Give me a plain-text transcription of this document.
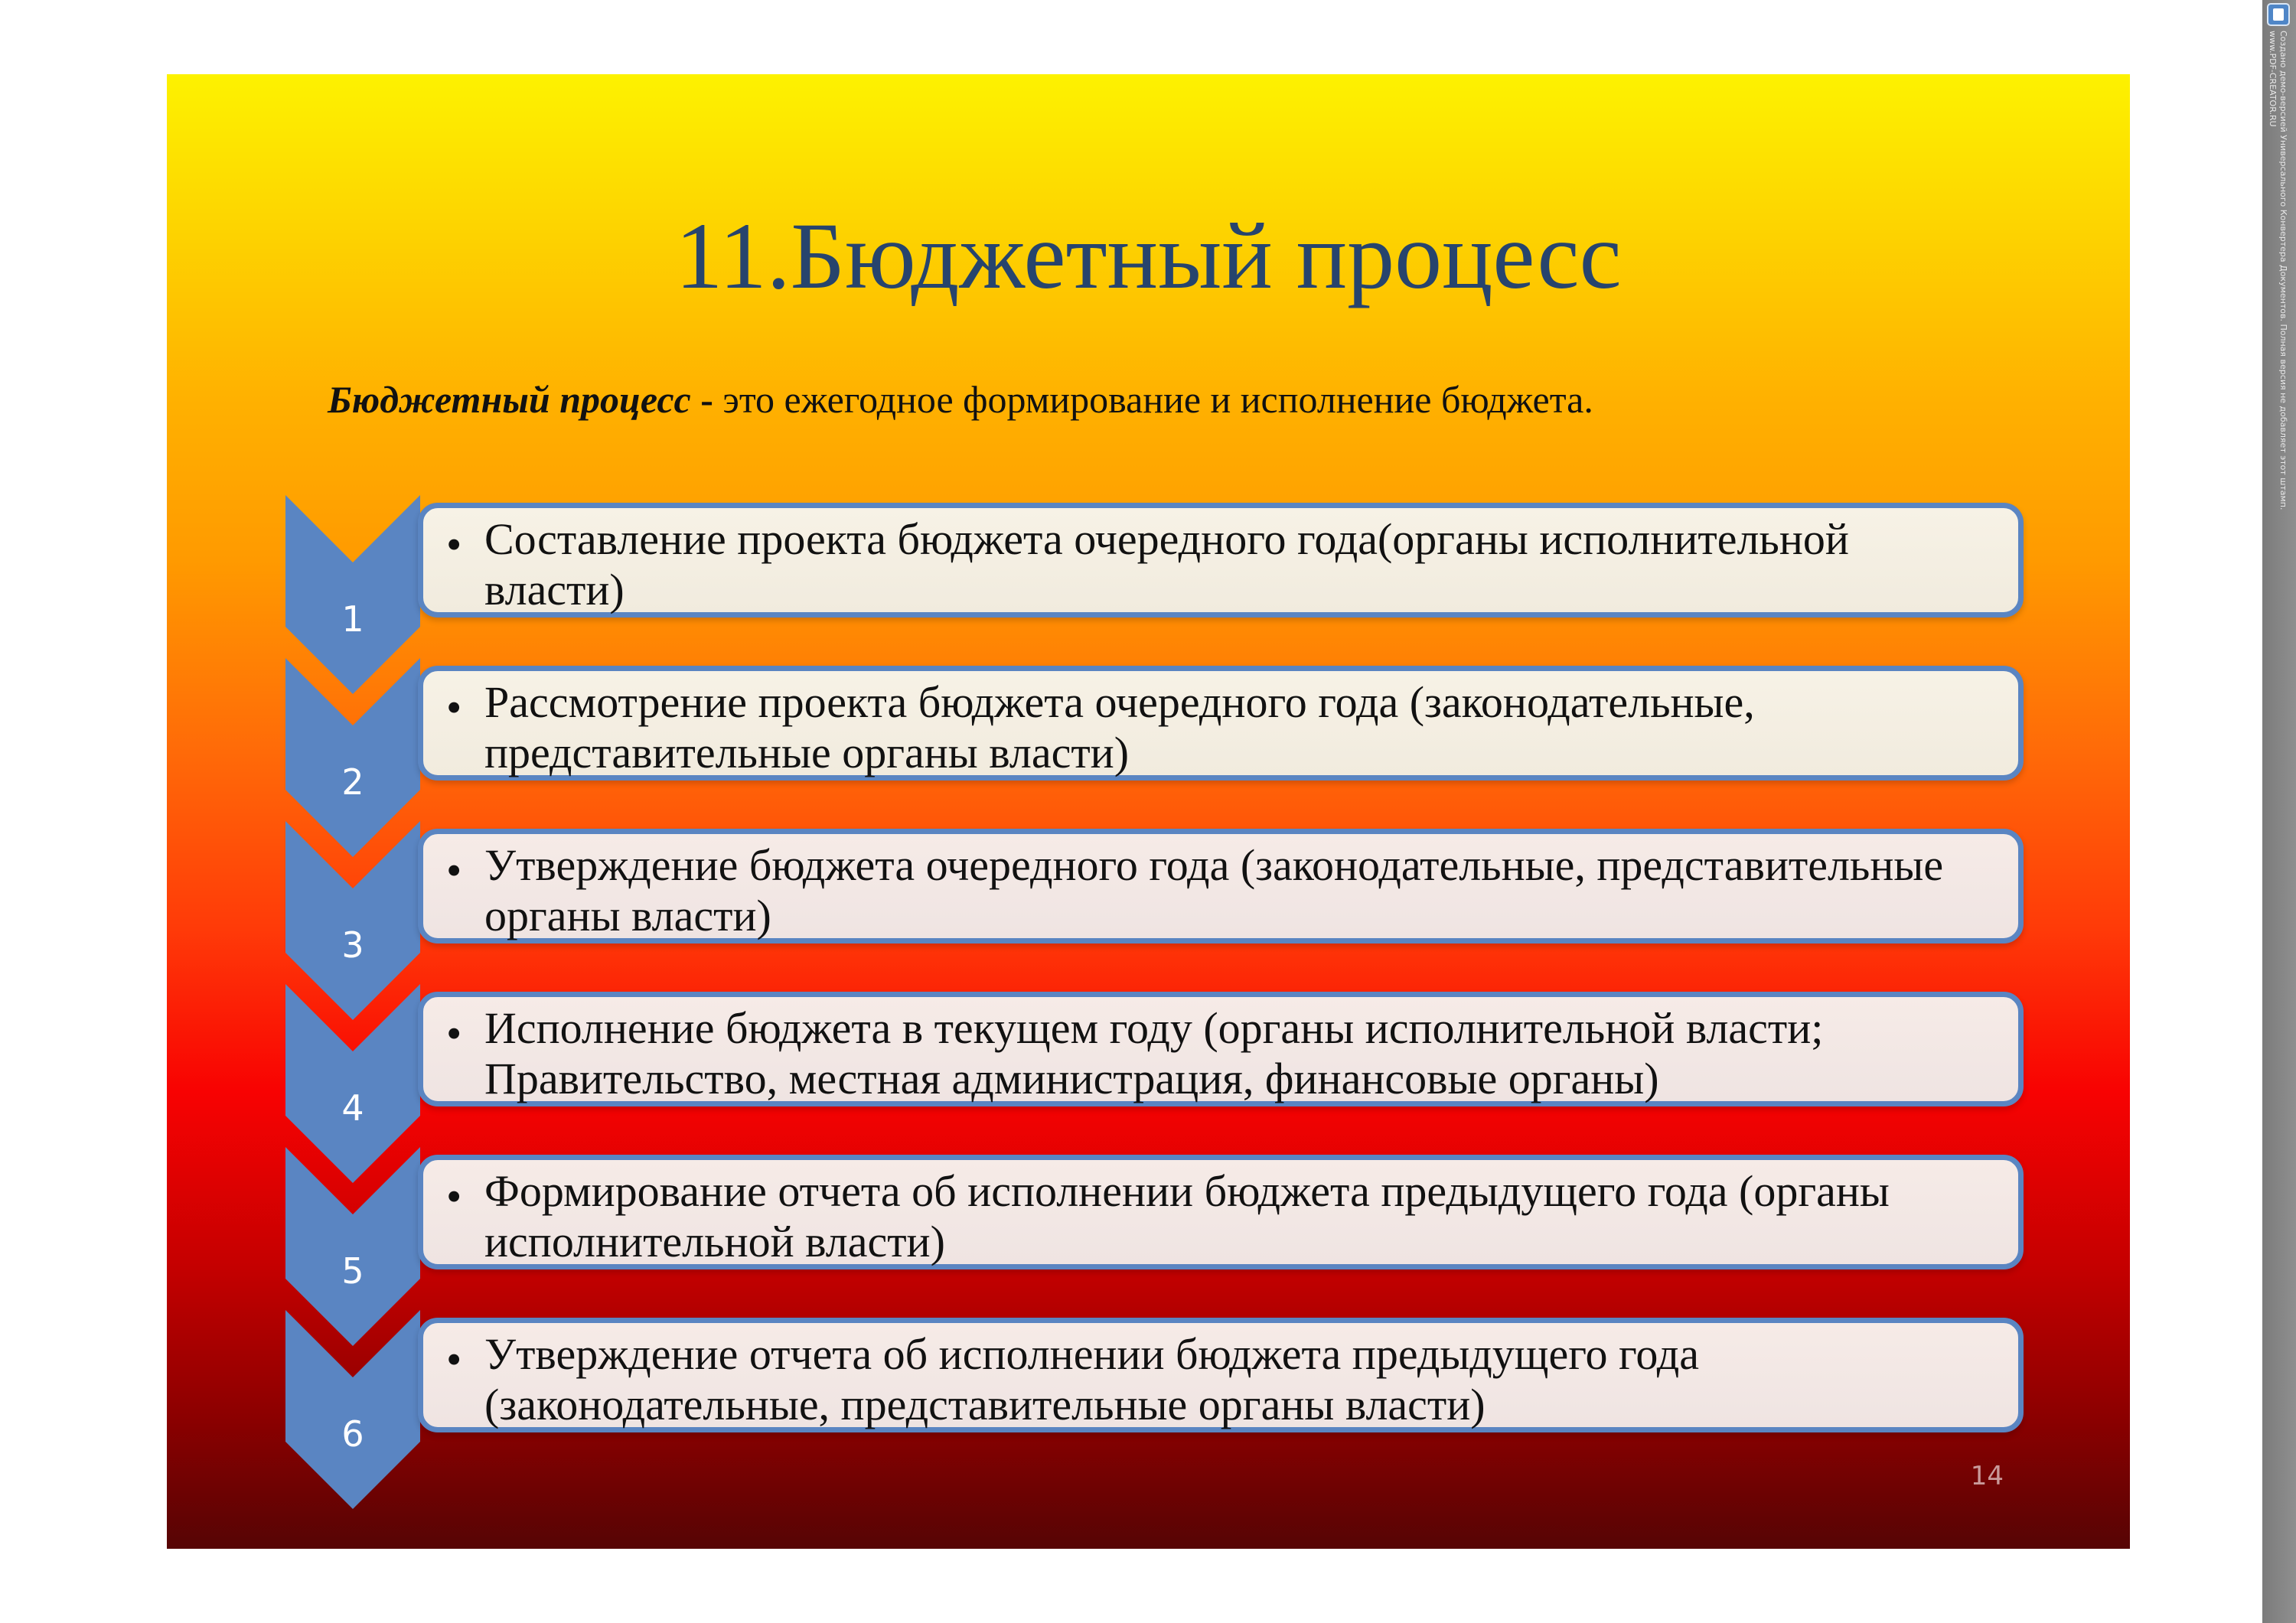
11.Бюджетный процесс
Бюджетный процесс - это ежегодное формирование и исполнение бюджета.
1
• Составление проекта бюджета очередного года(органы исполнительной власти)
2
• Рассмотрение проекта бюджета очередного года (законодательные, представительные органы власти)
3
• Утверждение бюджета очередного года (законодательные, представительные органы власти)
4
• Исполнение бюджета в текущем году (органы исполнительной власти; Правительство, местная администрация, финансовые органы)
5
• Формирование отчета об исполнении бюджета предыдущего года (органы исполнительной власти)
6
• Утверждение отчета об исполнении бюджета предыдущего года (законодательные, представительные органы власти)
14
Создано демо-версией Универсального Конвертера Документов. Полная версия не добавляет этот штамп.
www.PDF-CREATOR.RU
